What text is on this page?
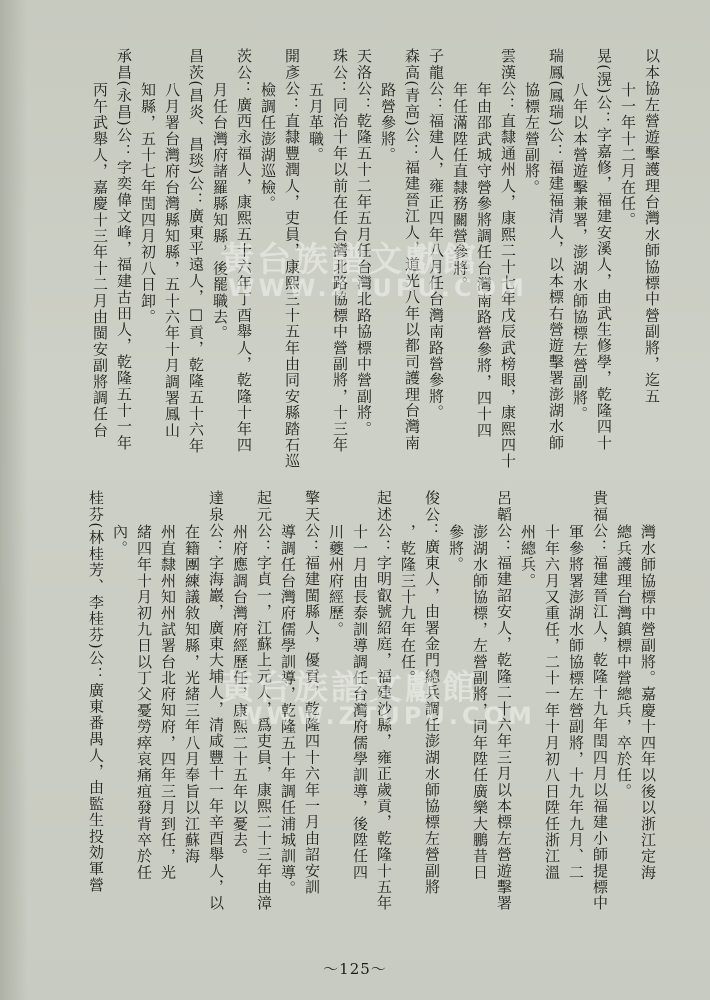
以本協左營遊擊護理台灣水師協標中營副將，迄五

十一年十二月在任。

晃(滉)公：字嘉修，福建安溪人，由武生修學，乾隆四十

八年以本營遊擊兼署，澎湖水師協標左營副將。

瑞鳳(鳳瑞)公：福建福清人，以本標右營遊擊署澎湖水師

協標左營副將。

雲漢公：直隸通州人，康熙二十七年戊辰武榜眼，康熙四十

年由邵武城守營參將調任台灣南路營參將，四十四

年任滿陞任直隸務關營參將。

子龍公：福建人，雍正四年八月任台灣南路營參將。

森高(青高)公：福建晉江人，道光八年以都司護理台灣南

路營參將。

天洛公：乾隆五十二年五月任台灣北路協標中營副將。

珠公：同治十年以前在任台灣北路協標中營副將，十三年

五月革職。

開彥公：直隸豐潤人，吏員，康熙三十五年由同安縣踏石巡

檢調任澎湖巡檢。

茨公：廣西永福人，康熙五十六年丁酉舉人，乾隆十年四

月任台灣府諸羅縣知縣，後罷職去。

昌茨(昌炎、昌琰)公：廣東平遠人，□貢，乾隆五十六年

八月署台灣府台灣縣知縣，五十六年十月調署鳳山

知縣，五十七年閏四月初八日卸。

承昌(永昌)公：字奕偉文峰，福建古田人，乾隆五十一年

丙午武舉人，嘉慶十三年十二月由閩安副將調任台

灣水師協標中營副將。嘉慶十四年以後以浙江定海

總兵護理台灣鎮標中營總兵，卒於任。

貴福公：福建晉江人，乾隆十九年閏四月以福建小師提標中

軍參將署澎湖水師協標左營副將，十九年九月、二

十年六月又重任，二十一年十月初八日陞任浙江溫

州總兵。

呂韜公：福建詔安人，乾隆二十六年三月以本標左營遊擊署

澎湖水師協標，左營副將，同年陞任廣樂大鵬昔日

參將。

俊公：廣東人，由署金門總兵調任澎湖水師協標左營副將

，乾隆三十九年在任。

起述公：字明叡號紹庭，福建沙縣，雍正歲貢，乾隆十五年

十一月由長泰訓導調任台灣府儒學訓導，後陞任四

川夔州府經歷。

擎天公：福建閩縣人，優貢，乾隆四十六年一月由詔安訓

導調任台灣府儒學訓導，乾隆五十年調任浦城訓導。

起元公：字貞一，江蘇上元人，爲吏員，康熙二十三年由漳

州府應調台灣府經歷任，康熙二十五年以憂去。

達泉公：字海巖，廣東大埔人，清咸豐十一年辛酉舉人，以

在籍團練議敘知縣，光緒三年八月奉旨以江蘇海

州直隸州知州試署台北府知府，四年三月到任，光

緒四年十月初九日以丁父憂勞瘁哀痛疽發背卒於任

內。

桂芬(林桂芳、李桂芬)公：廣東番禺人，由監生投効軍營

黃台族譜文獻館
WWW.ZTUPU.COM
黃台族譜文獻館
WWW.ZTUPU.COM
～125～
